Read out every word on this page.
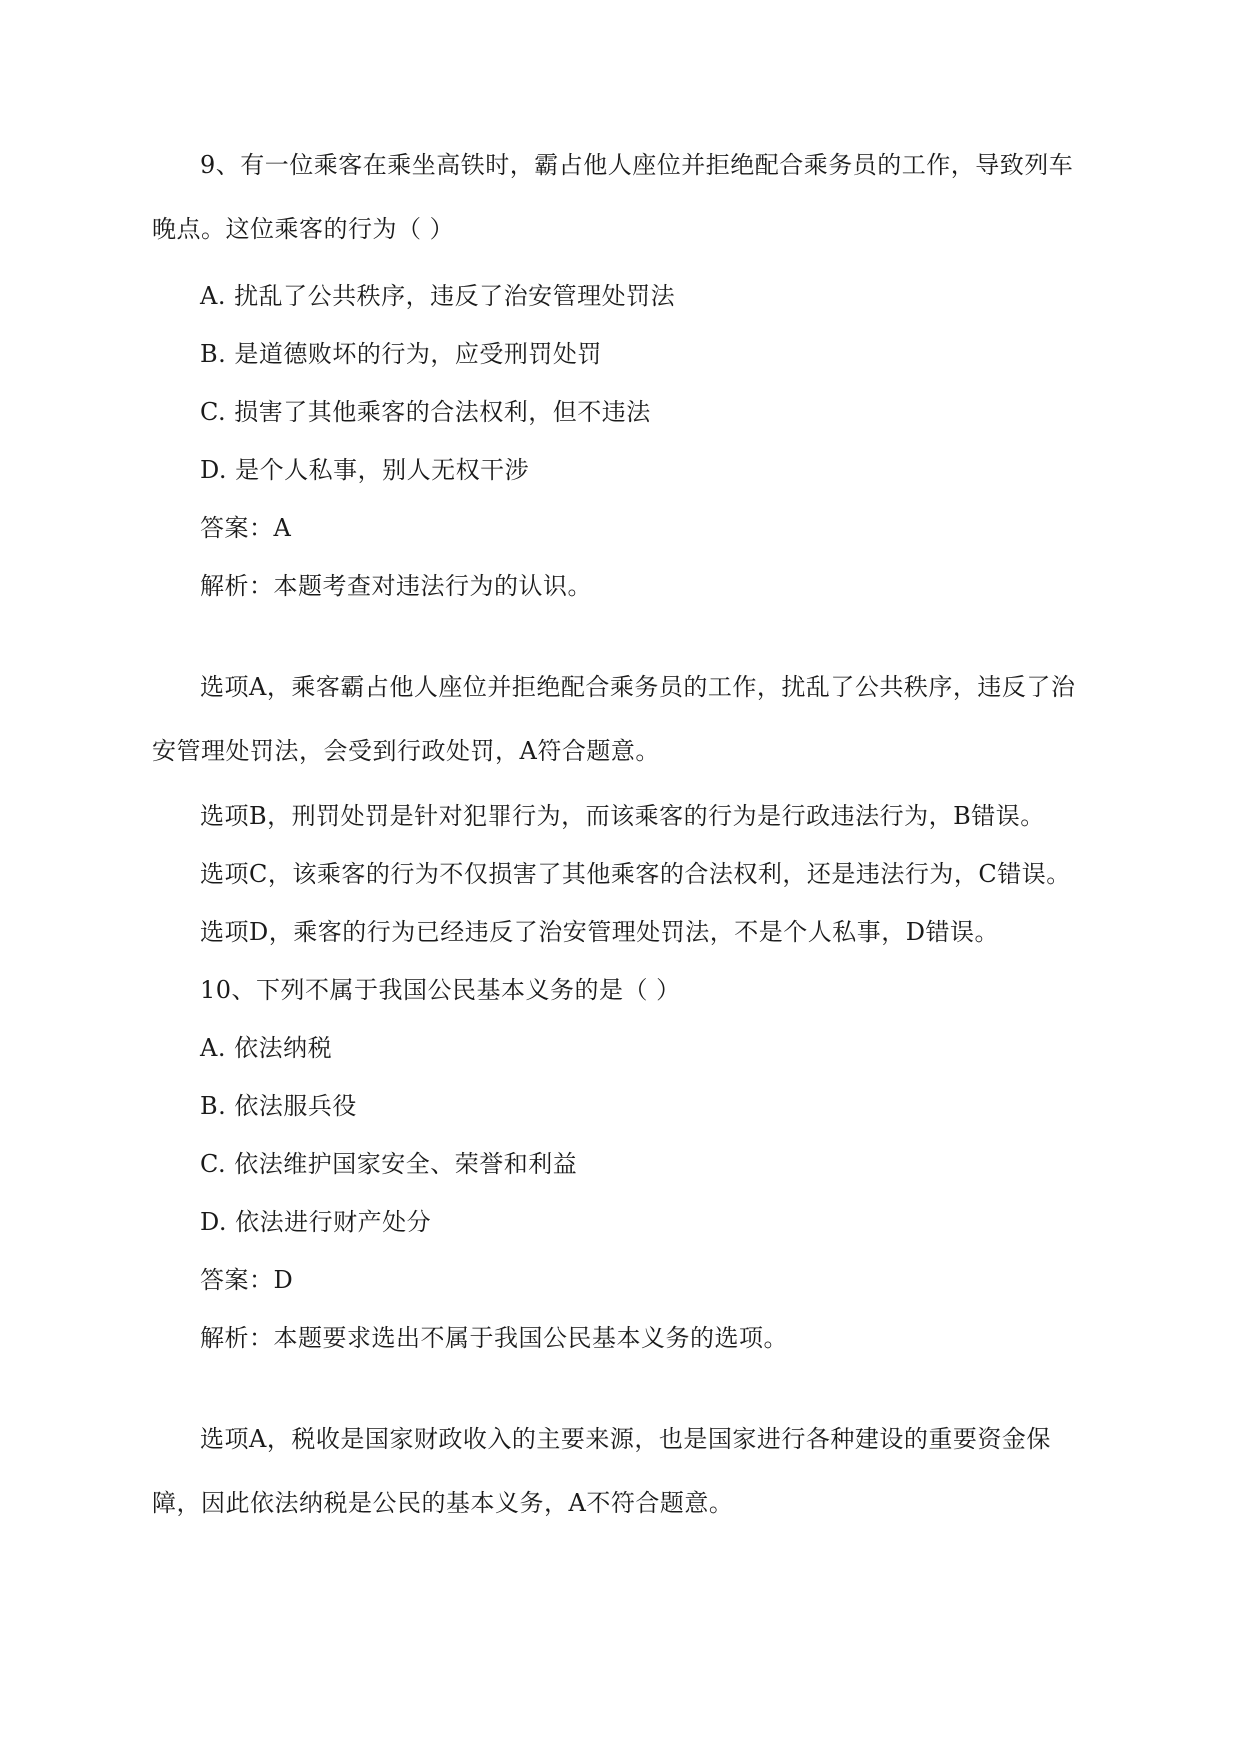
9、有一位乘客在乘坐高铁时，霸占他人座位并拒绝配合乘务员的工作，导致列车晚点。这位乘客的行为（ ）

A. 扰乱了公共秩序，违反了治安管理处罚法

B. 是道德败坏的行为，应受刑罚处罚

C. 损害了其他乘客的合法权利，但不违法

D. 是个人私事，别人无权干涉

答案：A

解析：本题考查对违法行为的认识。

选项A，乘客霸占他人座位并拒绝配合乘务员的工作，扰乱了公共秩序，违反了治安管理处罚法，会受到行政处罚，A符合题意。

选项B，刑罚处罚是针对犯罪行为，而该乘客的行为是行政违法行为，B错误。

选项C，该乘客的行为不仅损害了其他乘客的合法权利，还是违法行为，C错误。

选项D，乘客的行为已经违反了治安管理处罚法，不是个人私事，D错误。

10、下列不属于我国公民基本义务的是（ ）

A. 依法纳税

B. 依法服兵役

C. 依法维护国家安全、荣誉和利益

D. 依法进行财产处分

答案：D

解析：本题要求选出不属于我国公民基本义务的选项。

选项A，税收是国家财政收入的主要来源，也是国家进行各种建设的重要资金保障，因此依法纳税是公民的基本义务，A不符合题意。
